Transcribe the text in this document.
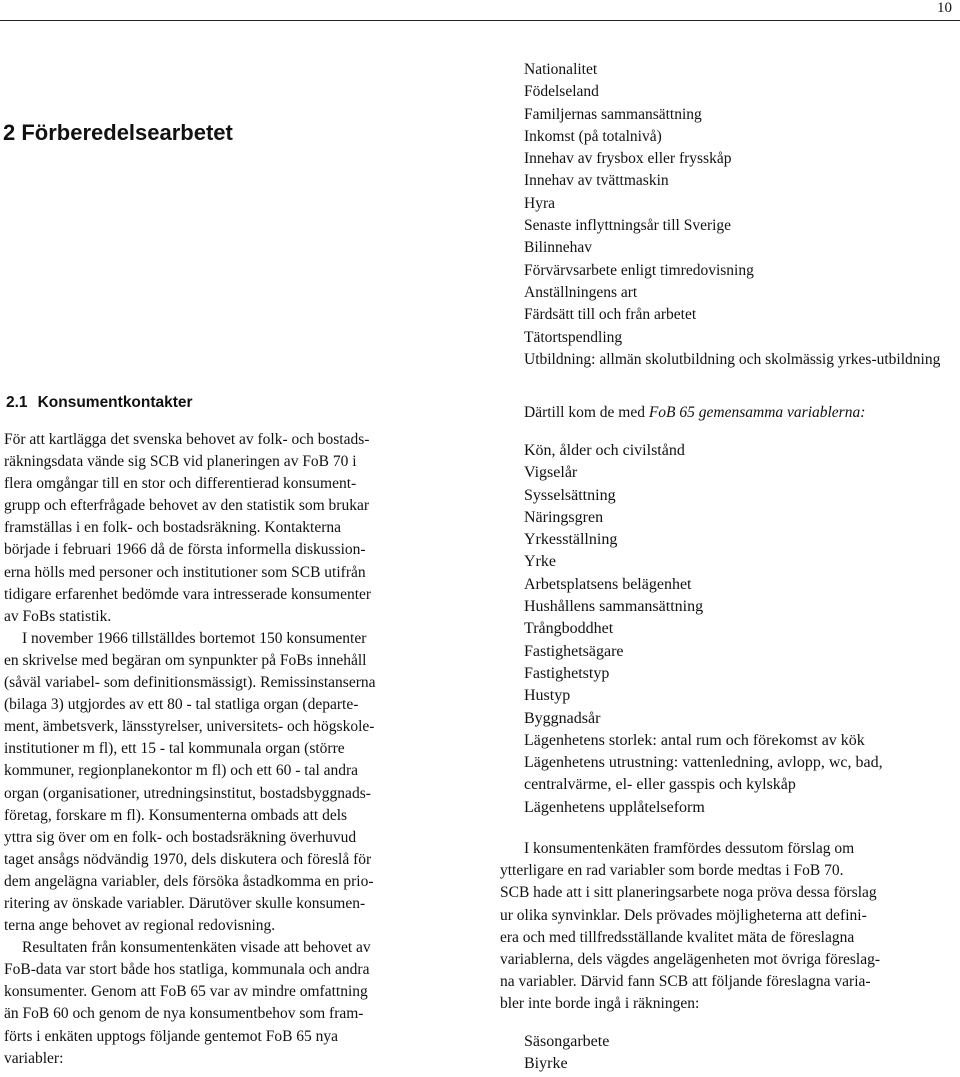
10
2 Förberedelsearbetet
2.1 Konsumentkontakter

För att kartlägga det svenska behovet av folk- och bostads-
räkningsdata vände sig SCB vid planeringen av FoB 70 i
flera omgångar till en stor och differentierad konsument-
grupp och efterfrågade behovet av den statistik som brukar
framställas i en folk- och bostadsräkning. Kontakterna
började i februari 1966 då de första informella diskussion-
erna hölls med personer och institutioner som SCB utifrån
tidigare erfarenhet bedömde vara intresserade konsumenter
av FoBs statistik.

I november 1966 tillställdes bortemot 150 konsumenter
en skrivelse med begäran om synpunkter på FoBs innehåll
(såväl variabel- som definitionsmässigt). Remissinstanserna
(bilaga 3) utgjordes av ett 80 - tal statliga organ (departe-
ment, ämbetsverk, länsstyrelser, universitets- och högskole-
institutioner m fl), ett 15 - tal kommunala organ (större
kommuner, regionplanekontor m fl) och ett 60 - tal andra
organ (organisationer, utredningsinstitut, bostadsbyggnads-
företag, forskare m fl). Konsumenterna ombads att dels
yttra sig över om en folk- och bostadsräkning överhuvud
taget ansågs nödvändig 1970, dels diskutera och föreslå för
dem angelägna variabler, dels försöka åstadkomma en prio-
ritering av önskade variabler. Därutöver skulle konsumen-
terna ange behovet av regional redovisning.

Resultaten från konsumentenkäten visade att behovet av
FoB-data var stort både hos statliga, kommunala och andra
konsumenter. Genom att FoB 65 var av mindre omfattning
än FoB 60 och genom de nya konsumentbehov som fram-
förts i enkäten upptogs följande gentemot FoB 65 nya
variabler:

Nationalitet
Födelseland
Familjernas sammansättning
Inkomst (på totalnivå)
Innehav av frysbox eller frysskåp
Innehav av tvättmaskin
Hyra
Senaste inflyttningsår till Sverige
Bilinnehav
Förvärvsarbete enligt timredovisning
Anställningens art
Färdsätt till och från arbetet
Tätortspendling
Utbildning: allmän skolutbildning och skolmässig yrkes-utbildning

Därtill kom de med FoB 65 gemensamma variablerna:

Kön, ålder och civilstånd
Vigselår
Sysselsättning
Näringsgren
Yrkesställning
Yrke
Arbetsplatsens belägenhet
Hushållens sammansättning
Trångboddhet
Fastighetsägare
Fastighetstyp
Hustyp
Byggnadsår
Lägenhetens storlek: antal rum och förekomst av kök
Lägenhetens utrustning: vattenledning, avlopp, wc, bad,
centralvärme, el- eller gasspis och kylskåp
Lägenhetens upplåtelseform

I konsumentenkäten framfördes dessutom förslag om
ytterligare en rad variabler som borde medtas i FoB 70.
SCB hade att i sitt planeringsarbete noga pröva dessa förslag
ur olika synvinklar. Dels prövades möjligheterna att defini-
era och med tillfredsställande kvalitet mäta de föreslagna
variablerna, dels vägdes angelägenheten mot övriga föreslag-
na variabler. Därvid fann SCB att följande föreslagna varia-
bler inte borde ingå i räkningen:

Säsongarbete
Biyrke
